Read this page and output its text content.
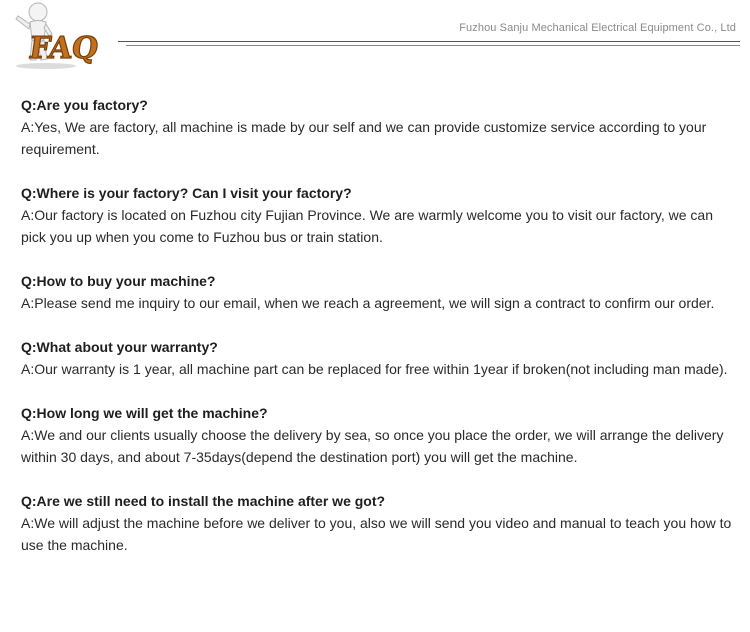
FAQ
Fuzhou Sanju Mechanical Electrical Equipment Co., Ltd
Q:Are you factory?
A:Yes, We are factory, all machine is made by our self and we can provide customize service according to your requirement.
Q:Where is your factory? Can I visit your factory?
A:Our factory is located on Fuzhou city Fujian Province. We are warmly welcome you to visit our factory, we can pick you up when you come to Fuzhou bus or train station.
Q:How to buy your machine?
A:Please send me inquiry to our email, when we reach a agreement, we will sign a contract to confirm our order.
Q:What about your warranty?
A:Our warranty is 1 year, all machine part can be replaced for free within 1year if broken(not including man made).
Q:How long we will get the machine?
A:We and our clients usually choose the delivery by sea, so once you place the order, we will arrange the delivery within 30 days, and about 7-35days(depend the destination port) you will get the machine.
Q:Are we still need to install the machine after we got?
A:We will adjust the machine before we deliver to you, also we will send you video and manual to teach you how to use the machine.
